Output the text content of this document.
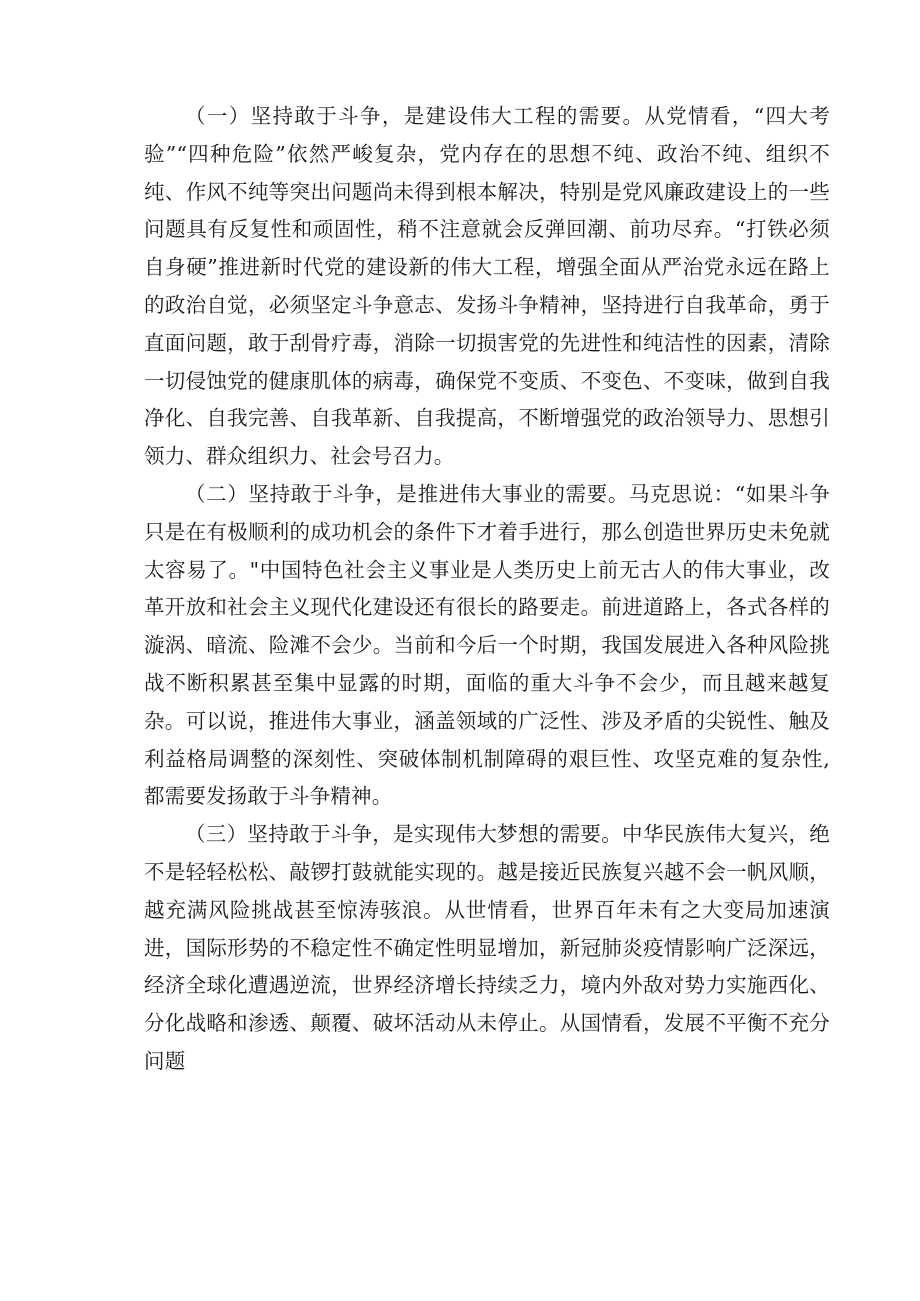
（一）坚持敢于斗争，是建设伟大工程的需要。从党情看，“四大考验”“四种危险”依然严峻复杂，党内存在的思想不纯、政治不纯、组织不纯、作风不纯等突出问题尚未得到根本解决，特别是党风廉政建设上的一些问题具有反复性和顽固性，稍不注意就会反弹回潮、前功尽弃。“打铁必须自身硬”推进新时代党的建设新的伟大工程，增强全面从严治党永远在路上的政治自觉，必须坚定斗争意志、发扬斗争精神，坚持进行自我革命，勇于直面问题，敢于刮骨疗毒，消除一切损害党的先进性和纯洁性的因素，清除一切侵蚀党的健康肌体的病毒，确保党不变质、不变色、不变味，做到自我净化、自我完善、自我革新、自我提高，不断增强党的政治领导力、思想引领力、群众组织力、社会号召力。

（二）坚持敢于斗争，是推进伟大事业的需要。马克思说：“如果斗争只是在有极顺利的成功机会的条件下才着手进行，那么创造世界历史未免就太容易了。"中国特色社会主义事业是人类历史上前无古人的伟大事业，改革开放和社会主义现代化建设还有很长的路要走。前进道路上，各式各样的漩涡、暗流、险滩不会少。当前和今后一个时期，我国发展进入各种风险挑战不断积累甚至集中显露的时期，面临的重大斗争不会少，而且越来越复杂。可以说，推进伟大事业，涵盖领域的广泛性、涉及矛盾的尖锐性、触及利益格局调整的深刻性、突破体制机制障碍的艰巨性、攻坚克难的复杂性,都需要发扬敢于斗争精神。

（三）坚持敢于斗争，是实现伟大梦想的需要。中华民族伟大复兴，绝不是轻轻松松、敲锣打鼓就能实现的。越是接近民族复兴越不会一帆风顺，越充满风险挑战甚至惊涛骇浪。从世情看，世界百年未有之大变局加速演进，国际形势的不稳定性不确定性明显增加，新冠肺炎疫情影响广泛深远，经济全球化遭遇逆流，世界经济增长持续乏力，境内外敌对势力实施西化、分化战略和渗透、颠覆、破坏活动从未停止。从国情看，发展不平衡不充分问题
